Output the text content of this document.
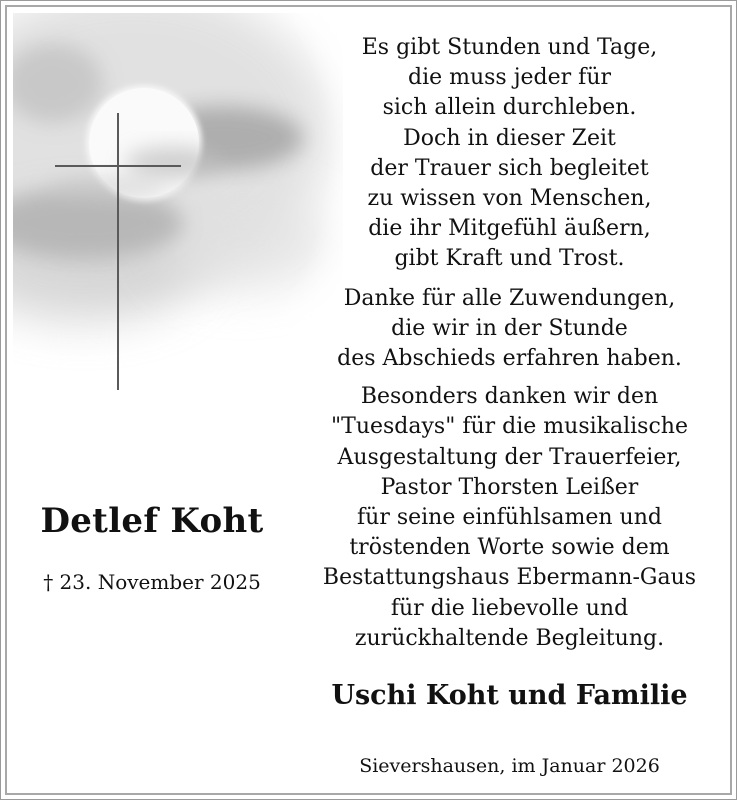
Es gibt Stunden und Tage,

die muss jeder für

sich allein durchleben.

Doch in dieser Zeit

der Trauer sich begleitet

zu wissen von Menschen,

die ihr Mitgefühl äußern,

gibt Kraft und Trost.

Danke für alle Zuwendungen,

die wir in der Stunde

des Abschieds erfahren haben.

Besonders danken wir den

"Tuesdays" für die musikalische

Ausgestaltung der Trauerfeier,

Pastor Thorsten Leißer

für seine einfühlsamen und

tröstenden Worte sowie dem

Bestattungshaus Ebermann-Gaus

für die liebevolle und

zurückhaltende Begleitung.

Detlef Koht
† 23. November 2025
Uschi Koht und Familie
Sievershausen, im Januar 2026
